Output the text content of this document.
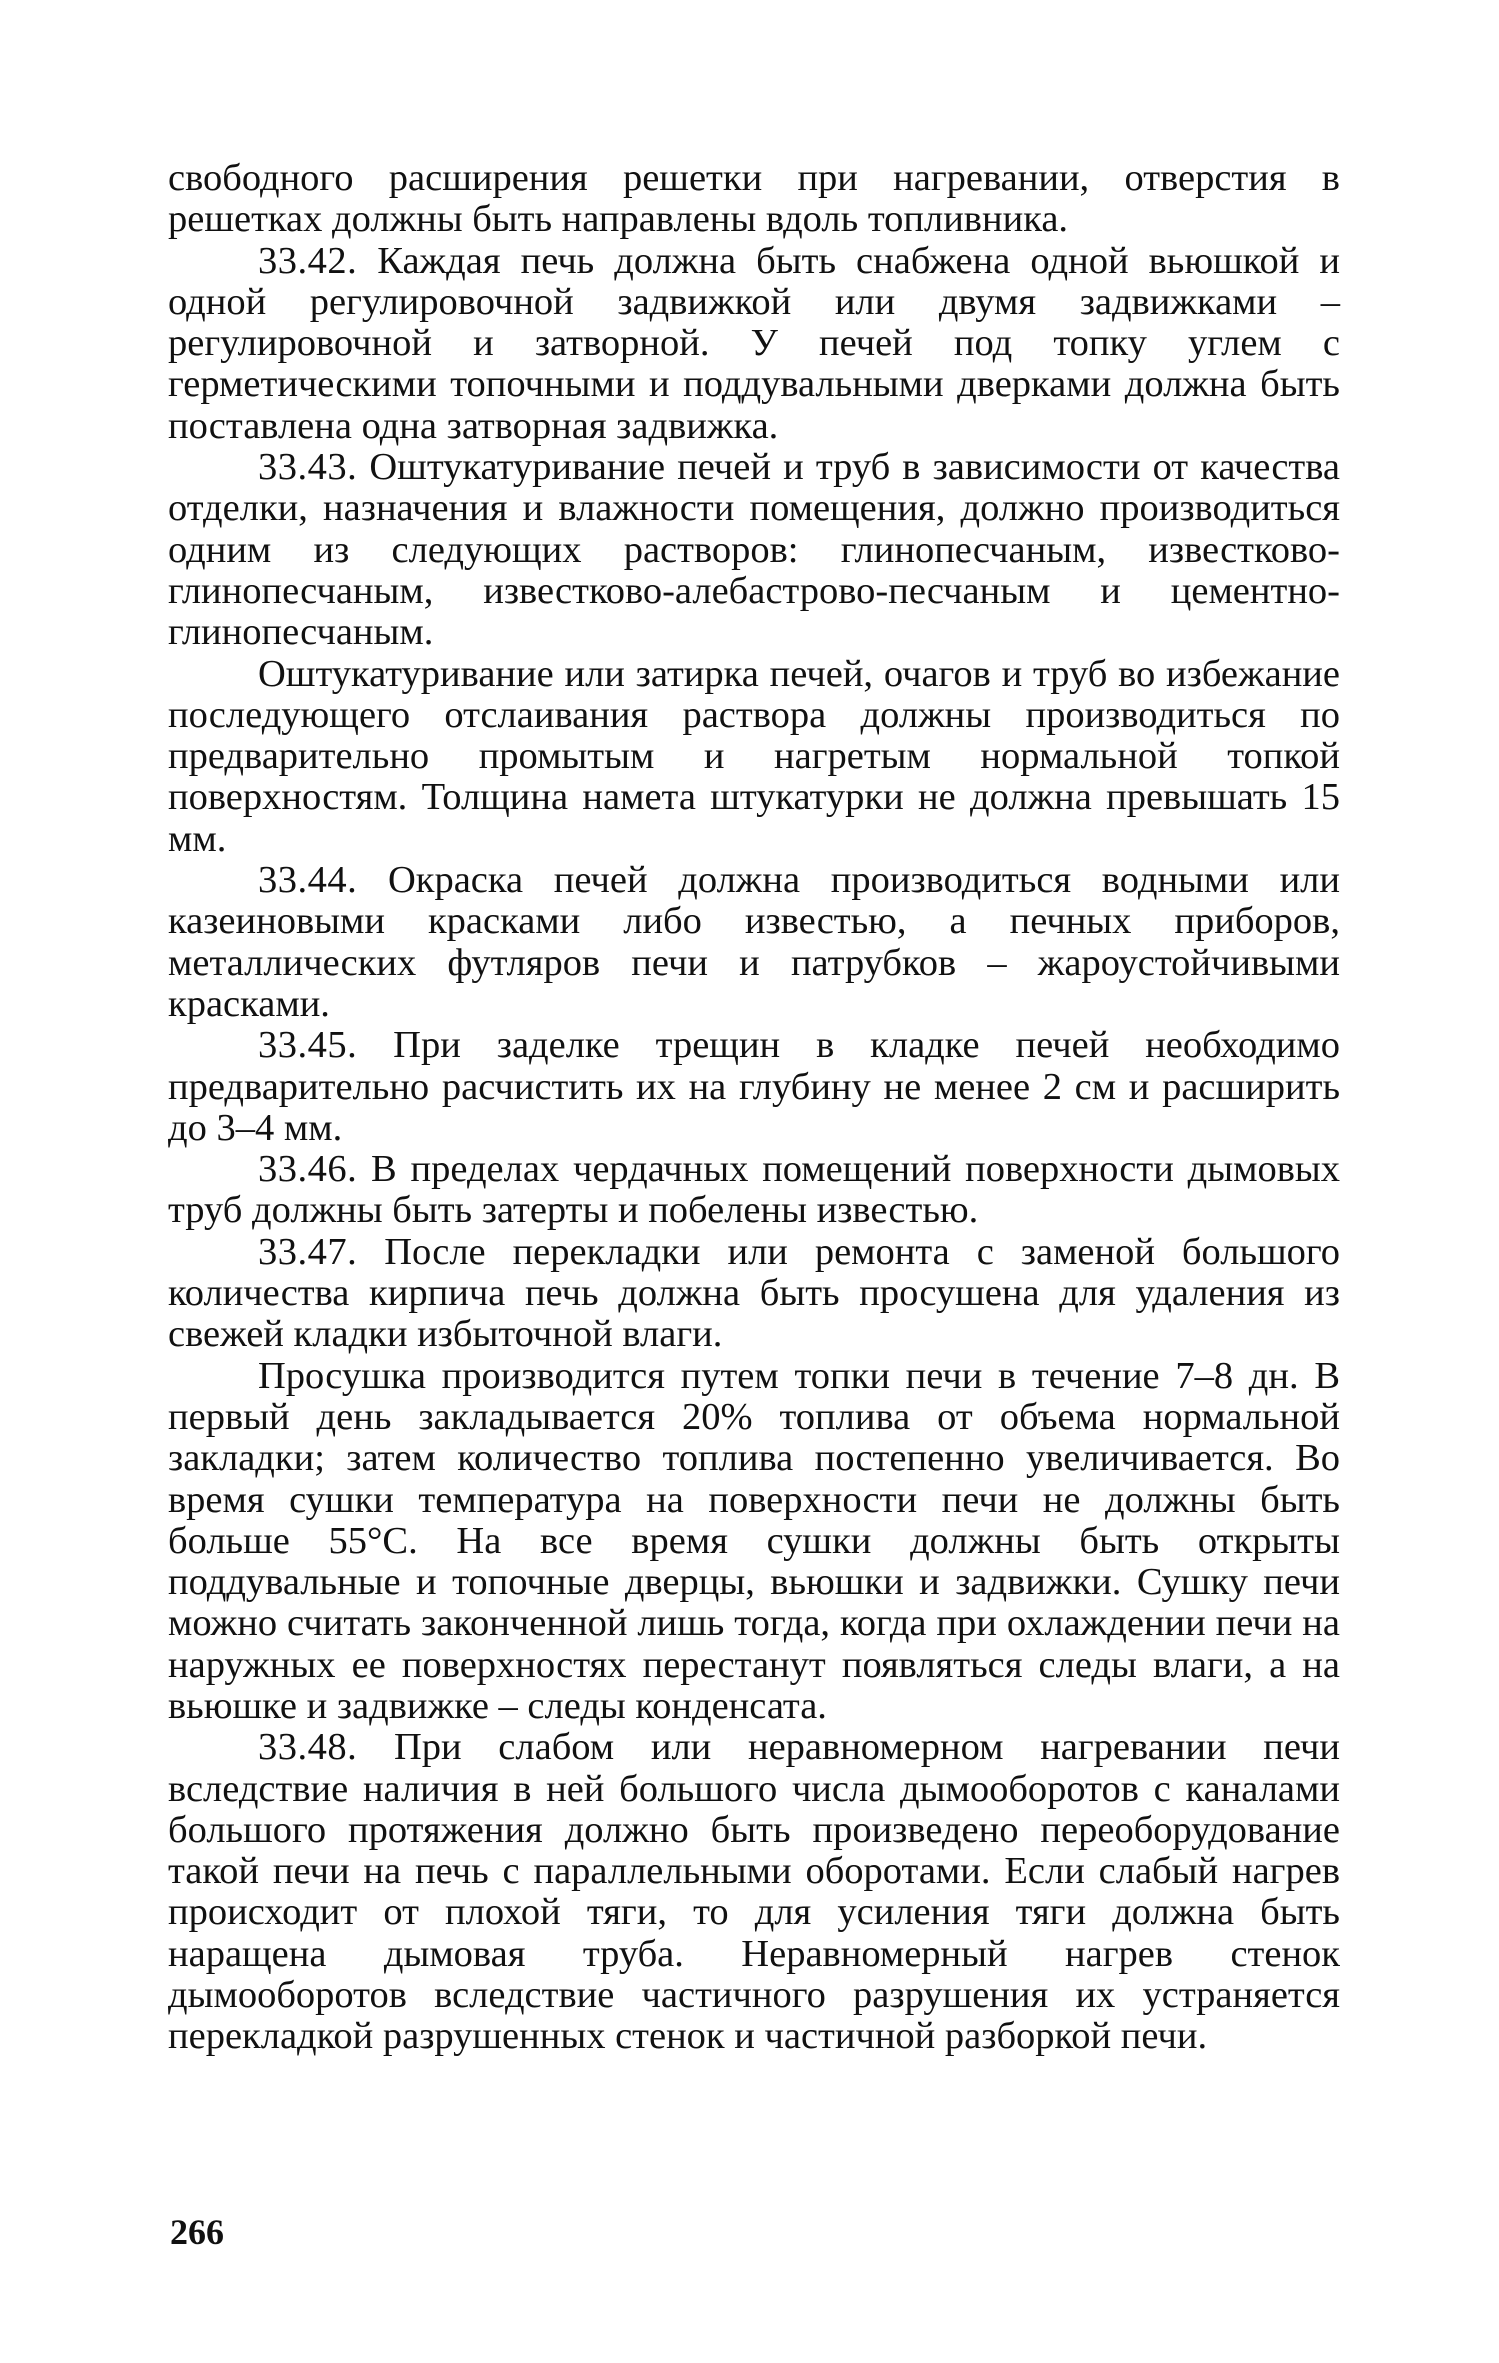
свободного расширения решетки при нагревании, отверстия в решетках должны быть направлены вдоль топливника.

33.42. Каждая печь должна быть снабжена одной вьюшкой и одной регулировочной задвижкой или двумя задвижками – регулировочной и затворной. У печей под топку углем с герметическими топочными и поддувальными дверками должна быть поставлена одна затворная задвижка.

33.43. Оштукатуривание печей и труб в зависимости от качества отделки, назначения и влажности помещения, должно производиться одним из следующих растворов: глинопесчаным, известково-глинопесчаным, известково-алебастрово-песчаным и цементно-глинопесчаным.

Оштукатуривание или затирка печей, очагов и труб во избежание последующего отслаивания раствора должны производиться по предварительно промытым и нагретым нормальной топкой поверхностям. Толщина намета штукатурки не должна превышать 15 мм.

33.44. Окраска печей должна производиться водными или казеиновыми красками либо известью, а печных приборов, металлических футляров печи и патрубков – жароустойчивыми красками.

33.45. При заделке трещин в кладке печей необходимо предварительно расчистить их на глубину не менее 2 см и расширить до 3–4 мм.

33.46. В пределах чердачных помещений поверхности дымовых труб должны быть затерты и побелены известью.

33.47. После перекладки или ремонта с заменой большого количества кирпича печь должна быть просушена для удаления из свежей кладки избыточной влаги.

Просушка производится путем топки печи в течение 7–8 дн. В первый день закладывается 20% топлива от объема нормальной закладки; затем количество топлива постепенно увеличивается. Во время сушки температура на поверхности печи не должны быть больше 55°С. На все время сушки должны быть открыты поддувальные и топочные дверцы, вьюшки и задвижки. Сушку печи можно считать законченной лишь тогда, когда при охлаждении печи на наружных ее поверхностях перестанут появляться следы влаги, а на вьюшке и задвижке – следы конденсата.

33.48. При слабом или неравномерном нагревании печи вследствие наличия в ней большого числа дымооборотов с каналами большого протяжения должно быть произведено переоборудование такой печи на печь с параллельными оборотами. Если слабый нагрев происходит от плохой тяги, то для усиления тяги должна быть наращена дымовая труба. Неравномерный нагрев стенок дымооборотов вследствие частичного разрушения их устраняется перекладкой разрушенных стенок и частичной разборкой печи.

266
